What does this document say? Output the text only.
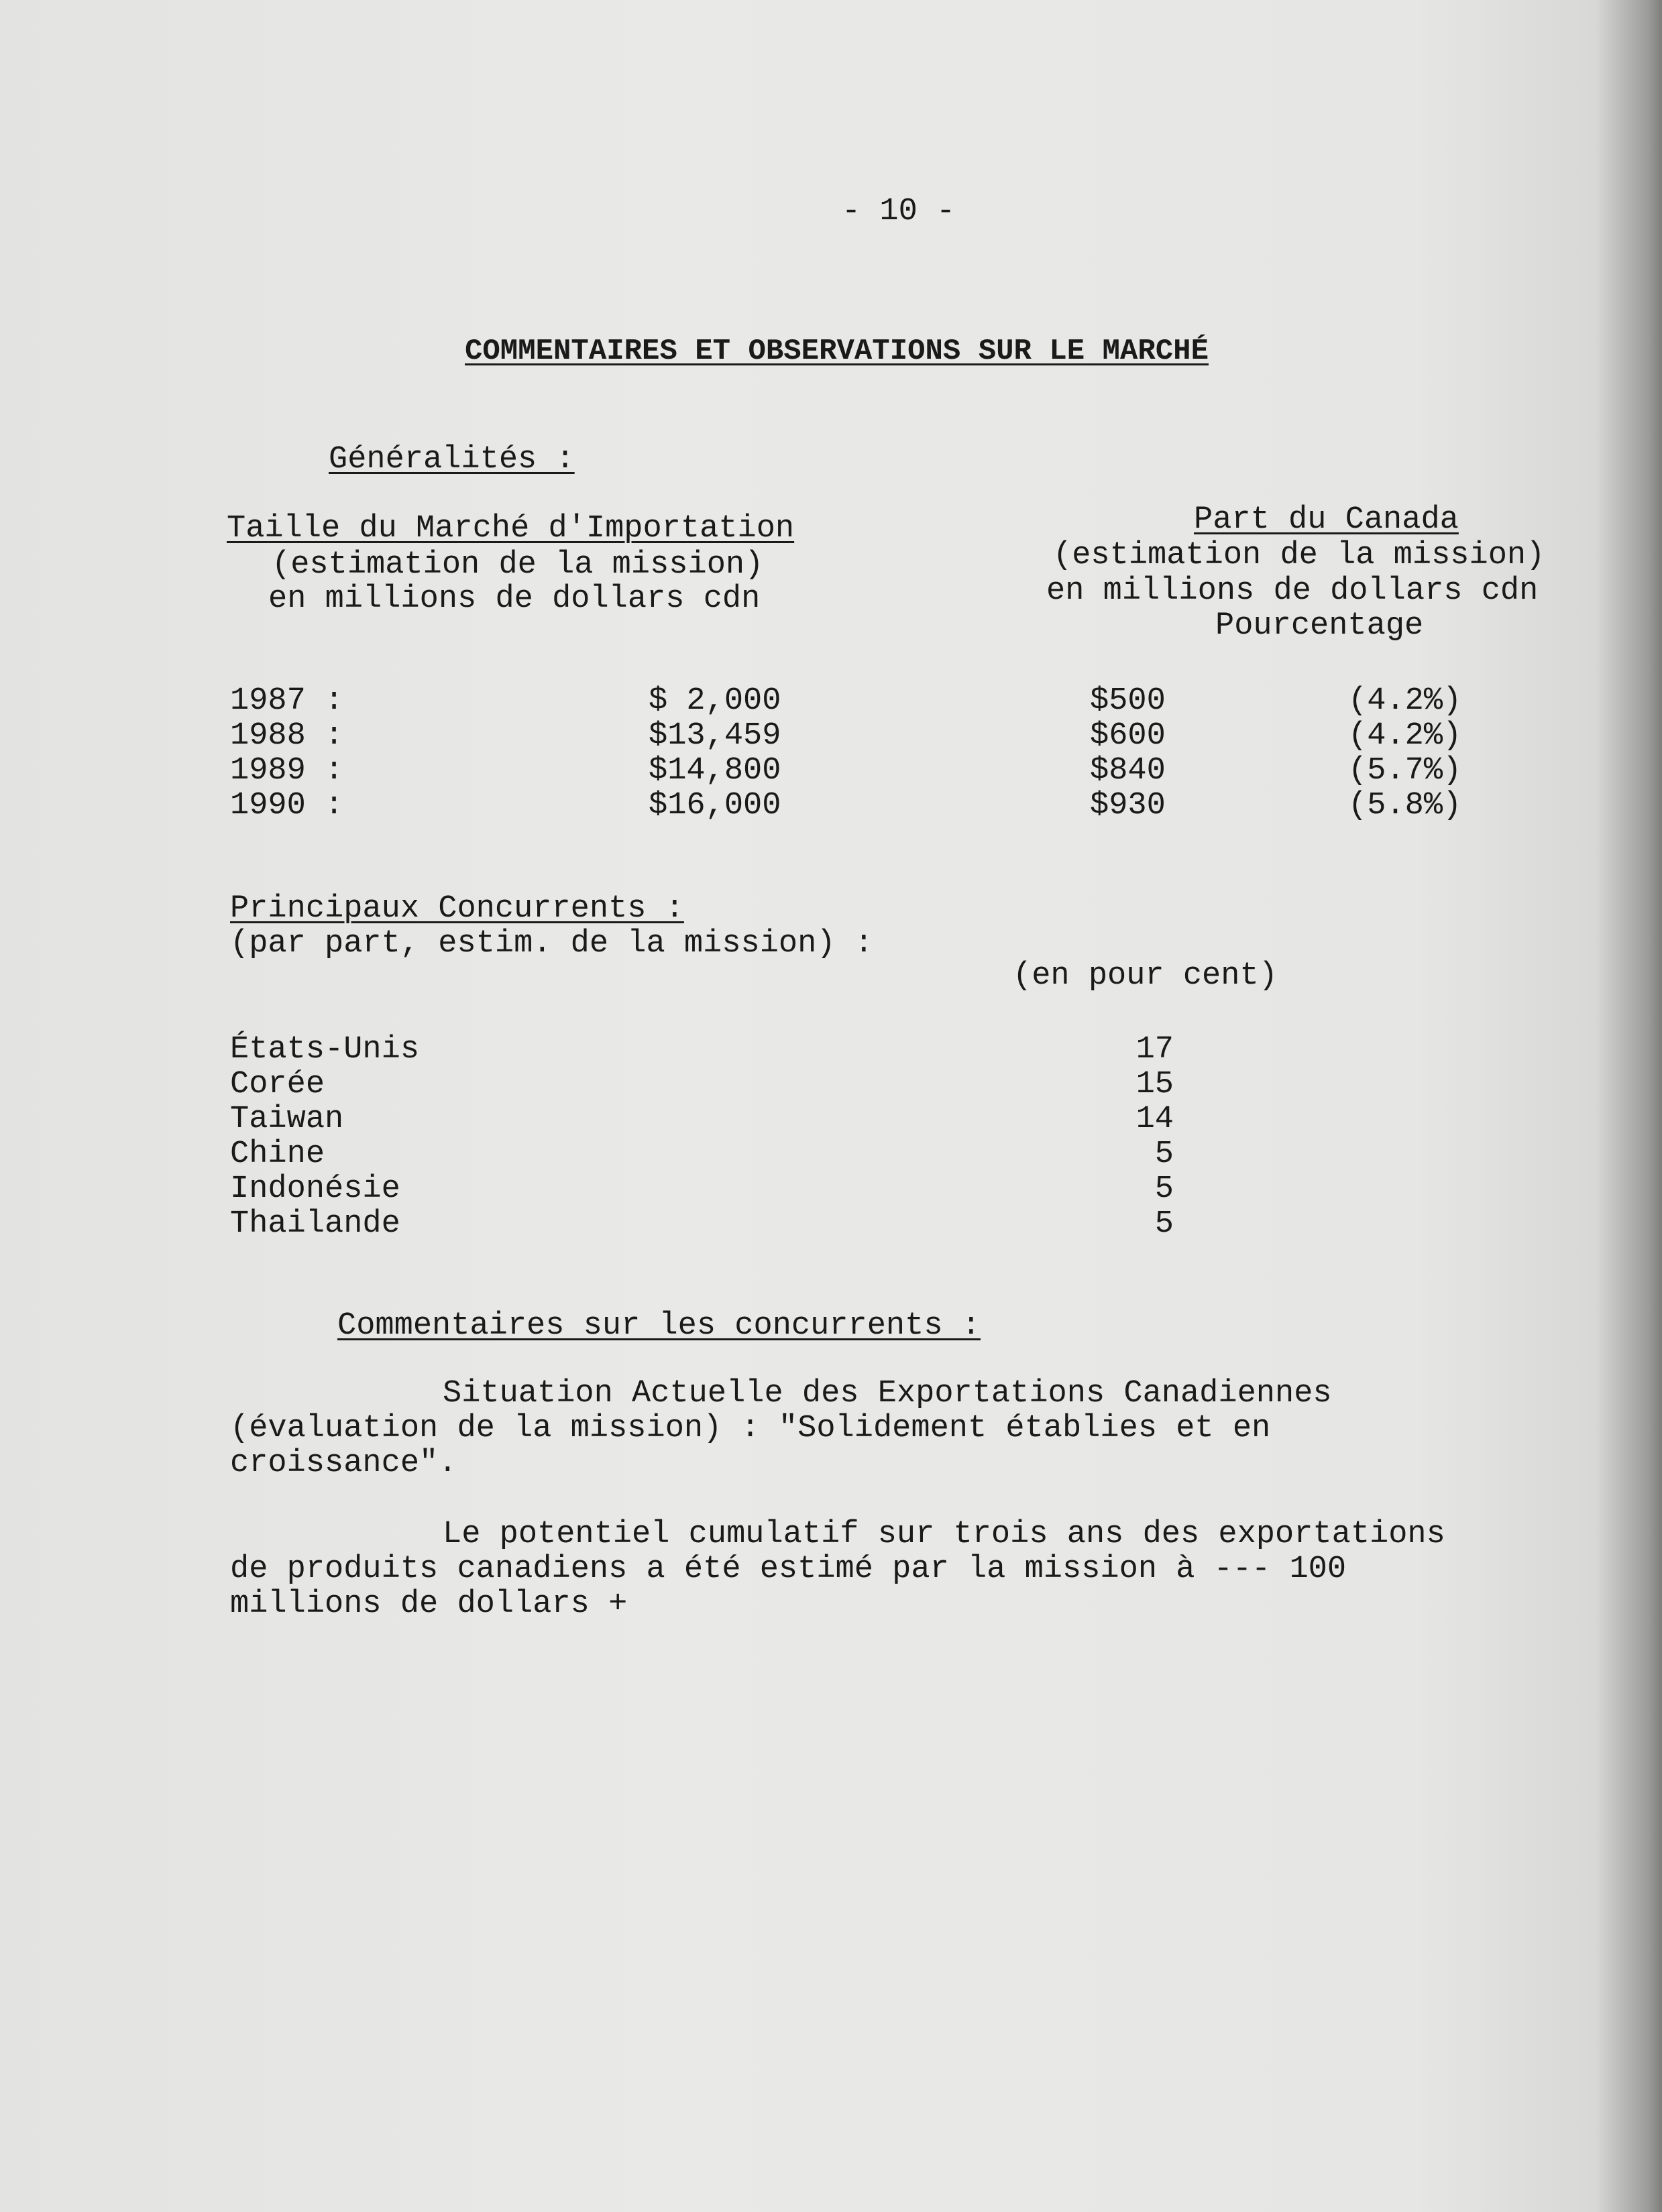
- 10 -
COMMENTAIRES ET OBSERVATIONS SUR LE MARCHÉ
Généralités :
Taille du Marché d'Importation
(estimation de la mission)
en millions de dollars cdn
Part du Canada
(estimation de la mission)
en millions de dollars cdn
Pourcentage
1987 :	$ 2,000	$500	(4.2%)
1988 :	$13,459	$600	(4.2%)
1989 :	$14,800	$840	(5.7%)
1990 :	$16,000	$930	(5.8%)
Principaux Concurrents :
(par part, estim. de la mission) :
(en pour cent)
États-Unis	17
Corée	15
Taiwan	14
Chine	5
Indonésie	5
Thailande	5
Commentaires sur les concurrents :
Situation Actuelle des Exportations Canadiennes
(évaluation de la mission) : "Solidement établies et en
croissance".
Le potentiel cumulatif sur trois ans des exportations
de produits canadiens a été estimé par la mission à --- 100
millions de dollars +
